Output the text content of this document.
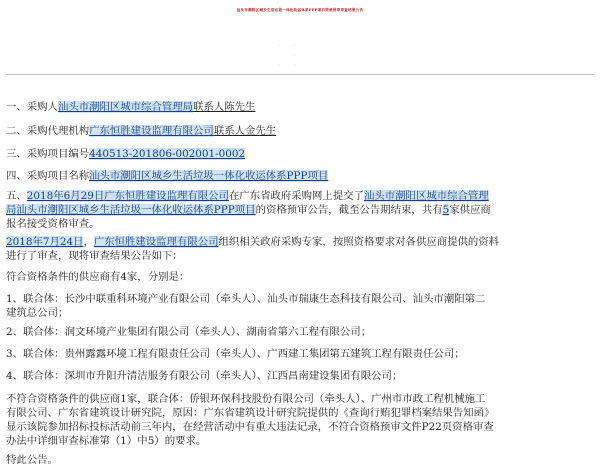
汕头市潮阳区城乡生活垃圾一体化收运体系PPP项目资格预审审查结果公告
一、采购人汕头市潮阳区城市综合管理局联系人陈先生
二、采购代理机构广东恒胜建设监理有限公司联系人金先生
三、采购项目编号440513-201806-002001-0002
四、采购项目名称汕头市潮阳区城乡生活垃圾一体化收运体系PPP项目
五、2018年6月29日广东恒胜建设监理有限公司在广东省政府采购网上提交了汕头市潮阳区城市综合管理
局汕头市潮阳区城乡生活垃圾一体化收运体系PPP项目的资格预审公告，截至公告期结束，共有5家供应商
报名接受资格审查。
2018年7月24日，广东恒胜建设监理有限公司组织相关政府采购专家，按照资格要求对各供应商提供的资料
进行了审查，现将审查结果公告如下：
符合资格条件的供应商有4家，分别是：
1、联合体：长沙中联重科环境产业有限公司（牵头人）、汕头市瑞康生态科技有限公司、汕头市潮阳第二
建筑总公司；
2、联合体：润文环境产业集团有限公司（牵头人）、湖南省第六工程有限公司；
3、联合体：贵州露露环境工程有限责任公司（牵头人）、广西建工集团第五建筑工程有限责任公司；
4、联合体：深圳市升阳升清洁服务有限公司（牵头人）、江西昌南建设集团有限公司；
不符合资格条件的供应商1家，联合体：侨银环保科技股份有限公司（牵头人）、广州市市政工程机械施工
有限公司、广东省建筑设计研究院，原因：广东省建筑设计研究院提供的《查询行贿犯罪档案结果告知函》
显示该院参加招标投标活动前三年内，在经营活动中有重大违法记录，不符合资格预审文件P22页资格审查
办法中详细审查标准第（1）中5）的要求。
特此公告。
